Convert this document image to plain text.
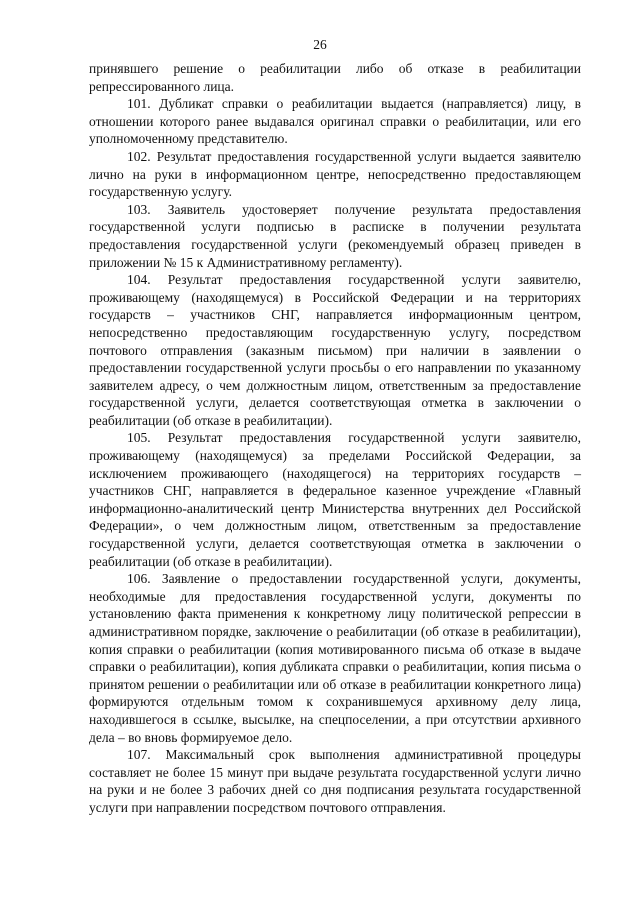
26

принявшего решение о реабилитации либо об отказе в реабилитации репрессированного лица.

101. Дубликат справки о реабилитации выдается (направляется) лицу, в отношении которого ранее выдавался оригинал справки о реабилитации, или его уполномоченному представителю.

102. Результат предоставления государственной услуги выдается заявителю лично на руки в информационном центре, непосредственно предоставляющем государственную услугу.

103. Заявитель удостоверяет получение результата предоставления государственной услуги подписью в расписке в получении результата предоставления государственной услуги (рекомендуемый образец приведен в приложении № 15 к Административному регламенту).

104. Результат предоставления государственной услуги заявителю, проживающему (находящемуся) в Российской Федерации и на территориях государств – участников СНГ, направляется информационным центром, непосредственно предоставляющим государственную услугу, посредством почтового отправления (заказным письмом) при наличии в заявлении о предоставлении государственной услуги просьбы о его направлении по указанному заявителем адресу, о чем должностным лицом, ответственным за предоставление государственной услуги, делается соответствующая отметка в заключении о реабилитации (об отказе в реабилитации).

105. Результат предоставления государственной услуги заявителю, проживающему (находящемуся) за пределами Российской Федерации, за исключением проживающего (находящегося) на территориях государств – участников СНГ, направляется в федеральное казенное учреждение «Главный информационно-аналитический центр Министерства внутренних дел Российской Федерации», о чем должностным лицом, ответственным за предоставление государственной услуги, делается соответствующая отметка в заключении о реабилитации (об отказе в реабилитации).

106. Заявление о предоставлении государственной услуги, документы, необходимые для предоставления государственной услуги, документы по установлению факта применения к конкретному лицу политической репрессии в административном порядке, заключение о реабилитации (об отказе в реабилитации), копия справки о реабилитации (копия мотивированного письма об отказе в выдаче справки о реабилитации), копия дубликата справки о реабилитации, копия письма о принятом решении о реабилитации или об отказе в реабилитации конкретного лица) формируются отдельным томом к сохранившемуся архивному делу лица, находившегося в ссылке, высылке, на спецпоселении, а при отсутствии архивного дела – во вновь формируемое дело.

107. Максимальный срок выполнения административной процедуры составляет не более 15 минут при выдаче результата государственной услуги лично на руки и не более 3 рабочих дней со дня подписания результата государственной услуги при направлении посредством почтового отправления.
